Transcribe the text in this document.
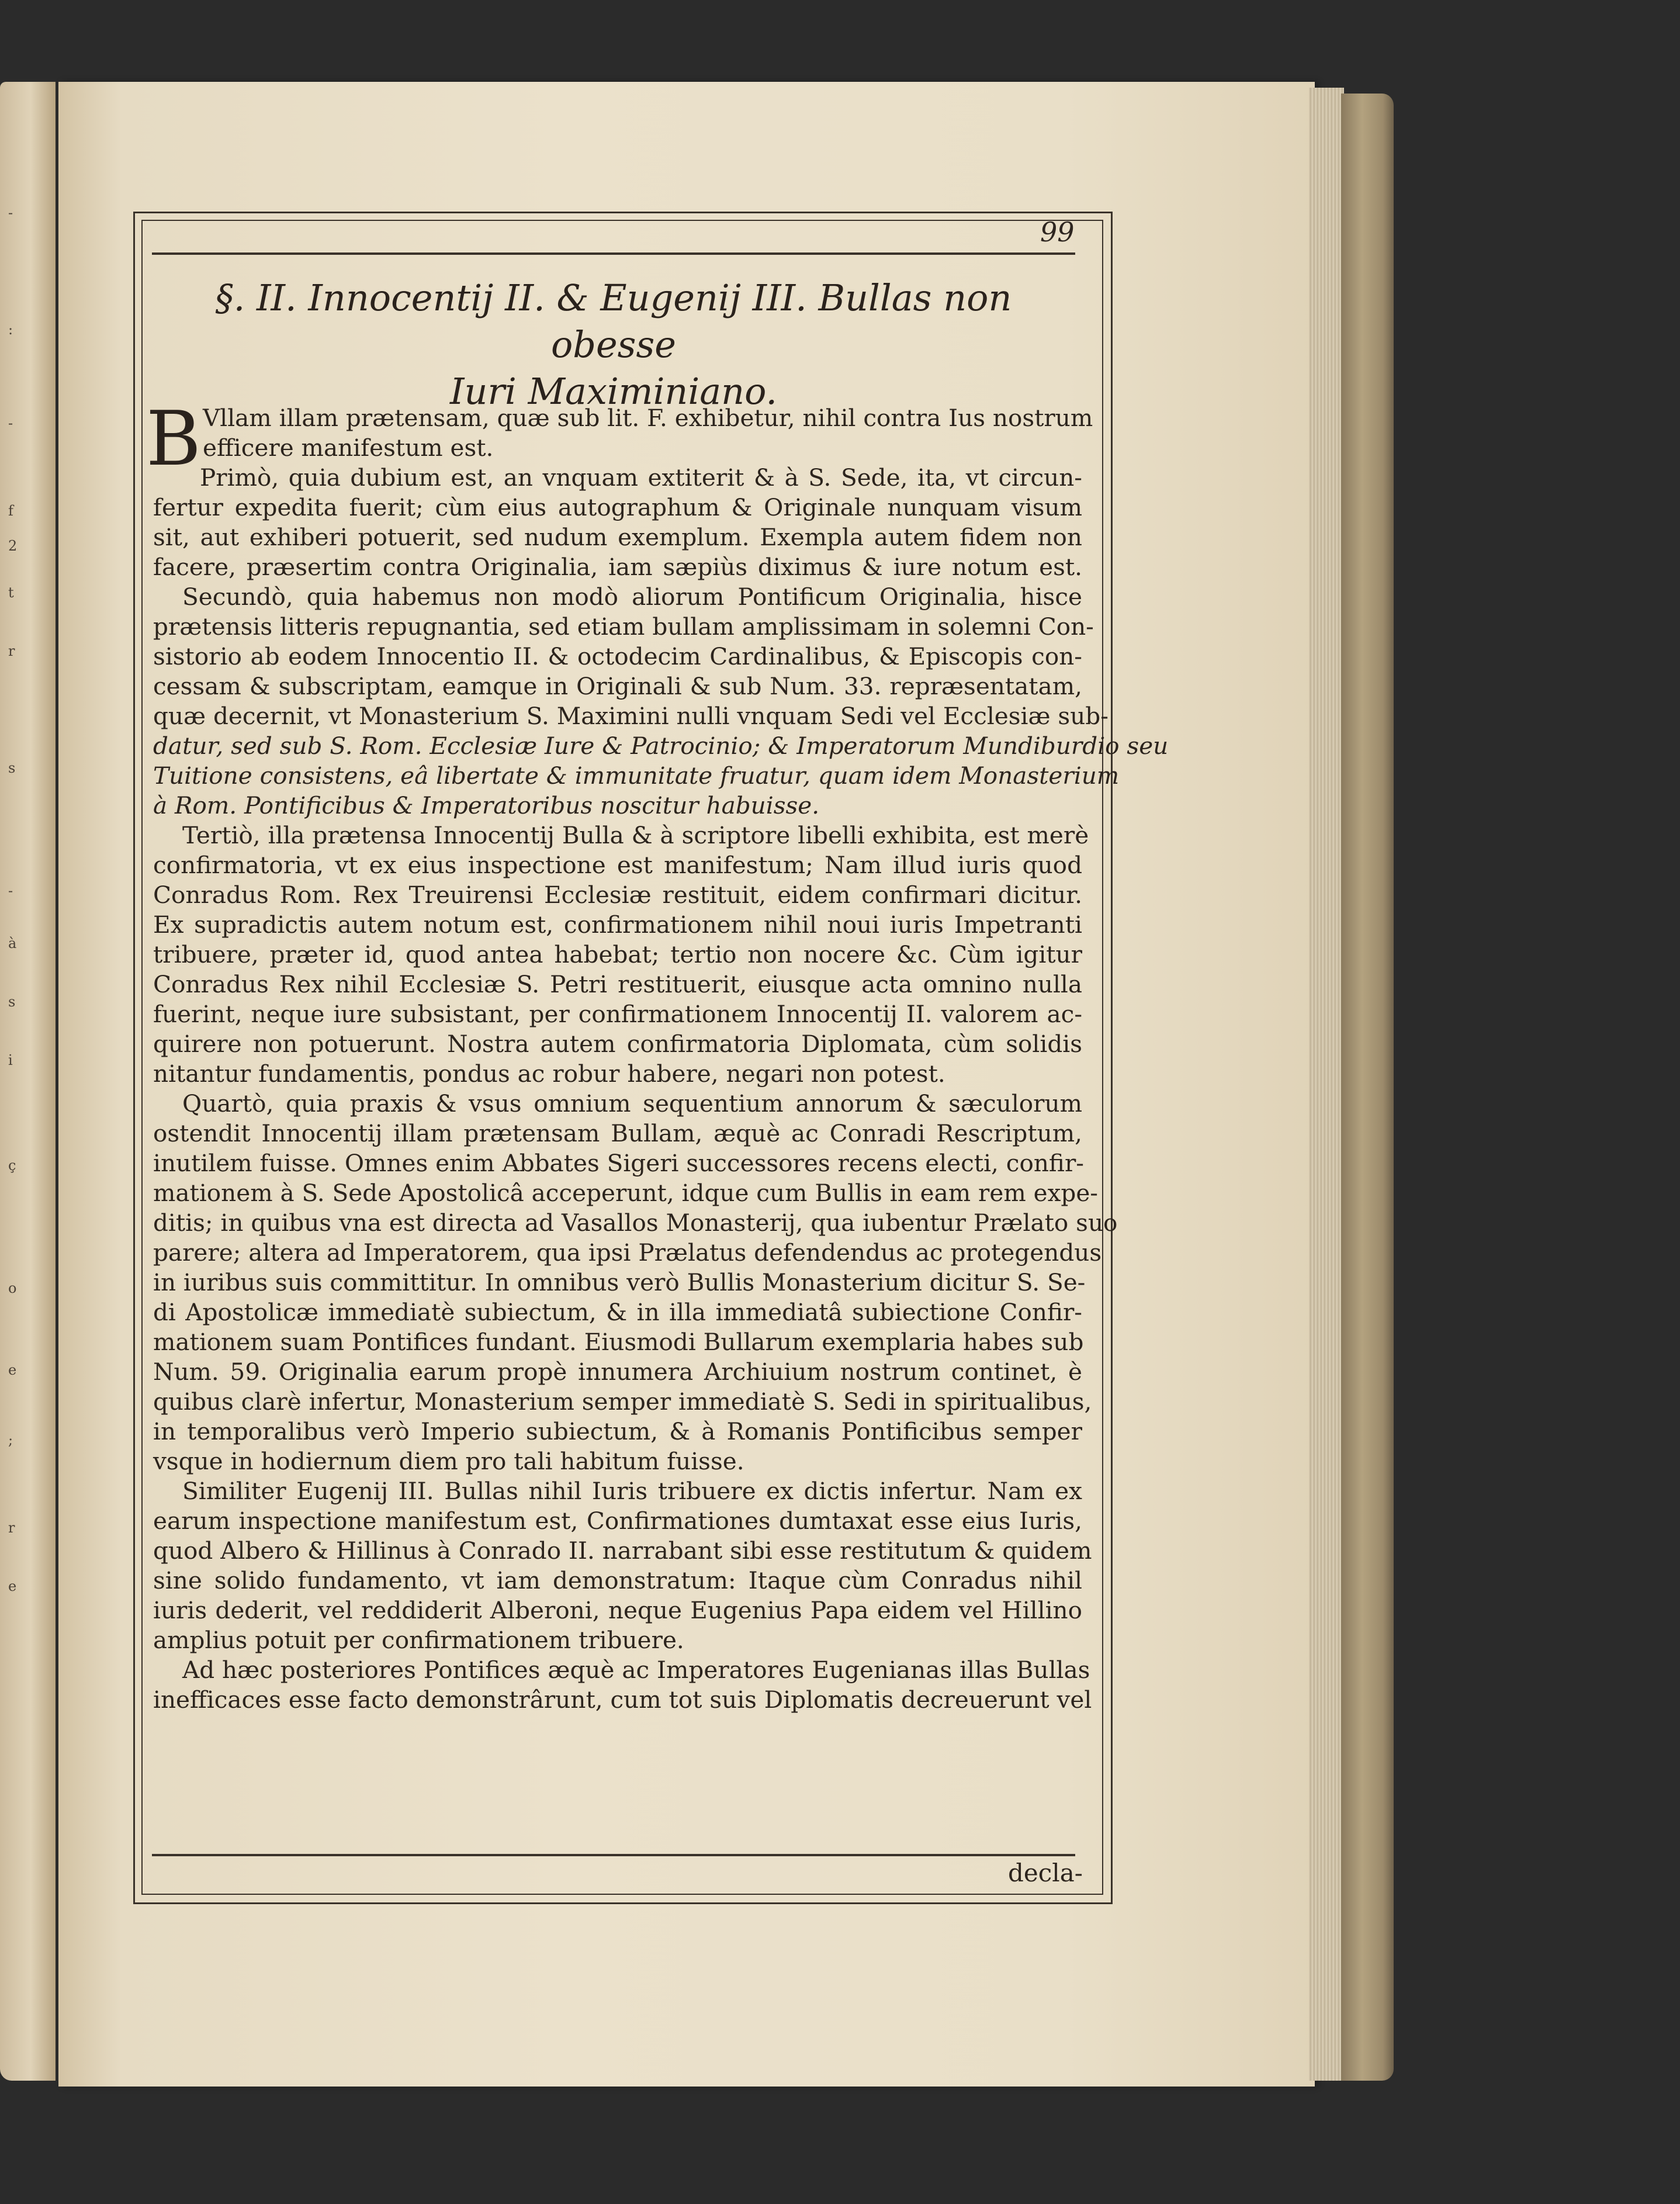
-
:
-
f
2
t
r
s
-
à
s
i
ç
o
e
;
r
e
99
§. II. Innocentij II. & Eugenij III. Bullas non obesse
Iuri Maximiniano.
B Vllam illam prætensam, quæ sub lit. F. exhibetur, nihil contra Ius nostrum
efficere manifestum est.
Primò, quia dubium est, an vnquam extiterit & à S. Sede, ita, vt circun-
fertur expedita fuerit; cùm eius autographum & Originale nunquam visum
sit, aut exhiberi potuerit, sed nudum exemplum. Exempla autem fidem non
facere, præsertim contra Originalia, iam sæpiùs diximus & iure notum est.
Secundò, quia habemus non modò aliorum Pontificum Originalia, hisce
prætensis litteris repugnantia, sed etiam bullam amplissimam in solemni Con-
sistorio ab eodem Innocentio II. & octodecim Cardinalibus, & Episcopis con-
cessam & subscriptam, eamque in Originali & sub Num. 33. repræsentatam,
quæ decernit, vt Monasterium S. Maximini nulli vnquam Sedi vel Ecclesiæ sub-
datur, sed sub S. Rom. Ecclesiæ Iure & Patrocinio; & Imperatorum Mundiburdio seu
Tuitione consistens, eâ libertate & immunitate fruatur, quam idem Monasterium
à Rom. Pontificibus & Imperatoribus noscitur habuisse.
Tertiò, illa prætensa Innocentij Bulla & à scriptore libelli exhibita, est merè
confirmatoria, vt ex eius inspectione est manifestum; Nam illud iuris quod
Conradus Rom. Rex Treuirensi Ecclesiæ restituit, eidem confirmari dicitur.
Ex supradictis autem notum est, confirmationem nihil noui iuris Impetranti
tribuere, præter id, quod antea habebat; tertio non nocere &c. Cùm igitur
Conradus Rex nihil Ecclesiæ S. Petri restituerit, eiusque acta omnino nulla
fuerint, neque iure subsistant, per confirmationem Innocentij II. valorem ac-
quirere non potuerunt. Nostra autem confirmatoria Diplomata, cùm solidis
nitantur fundamentis, pondus ac robur habere, negari non potest.
Quartò, quia praxis & vsus omnium sequentium annorum & sæculorum
ostendit Innocentij illam prætensam Bullam, æquè ac Conradi Rescriptum,
inutilem fuisse. Omnes enim Abbates Sigeri successores recens electi, confir-
mationem à S. Sede Apostolicâ acceperunt, idque cum Bullis in eam rem expe-
ditis; in quibus vna est directa ad Vasallos Monasterij, qua iubentur Prælato suo
parere; altera ad Imperatorem, qua ipsi Prælatus defendendus ac protegendus
in iuribus suis committitur. In omnibus verò Bullis Monasterium dicitur S. Se-
di Apostolicæ immediatè subiectum, & in illa immediatâ subiectione Confir-
mationem suam Pontifices fundant. Eiusmodi Bullarum exemplaria habes sub
Num. 59. Originalia earum propè innumera Archiuium nostrum continet, è
quibus clarè infertur, Monasterium semper immediatè S. Sedi in spiritualibus,
in temporalibus verò Imperio subiectum, & à Romanis Pontificibus semper
vsque in hodiernum diem pro tali habitum fuisse.
Similiter Eugenij III. Bullas nihil Iuris tribuere ex dictis infertur. Nam ex
earum inspectione manifestum est, Confirmationes dumtaxat esse eius Iuris,
quod Albero & Hillinus à Conrado II. narrabant sibi esse restitutum & quidem
sine solido fundamento, vt iam demonstratum: Itaque cùm Conradus nihil
iuris dederit, vel reddiderit Alberoni, neque Eugenius Papa eidem vel Hillino
amplius potuit per confirmationem tribuere.
Ad hæc posteriores Pontifices æquè ac Imperatores Eugenianas illas Bullas
inefficaces esse facto demonstrârunt, cum tot suis Diplomatis decreuerunt vel
decla-
